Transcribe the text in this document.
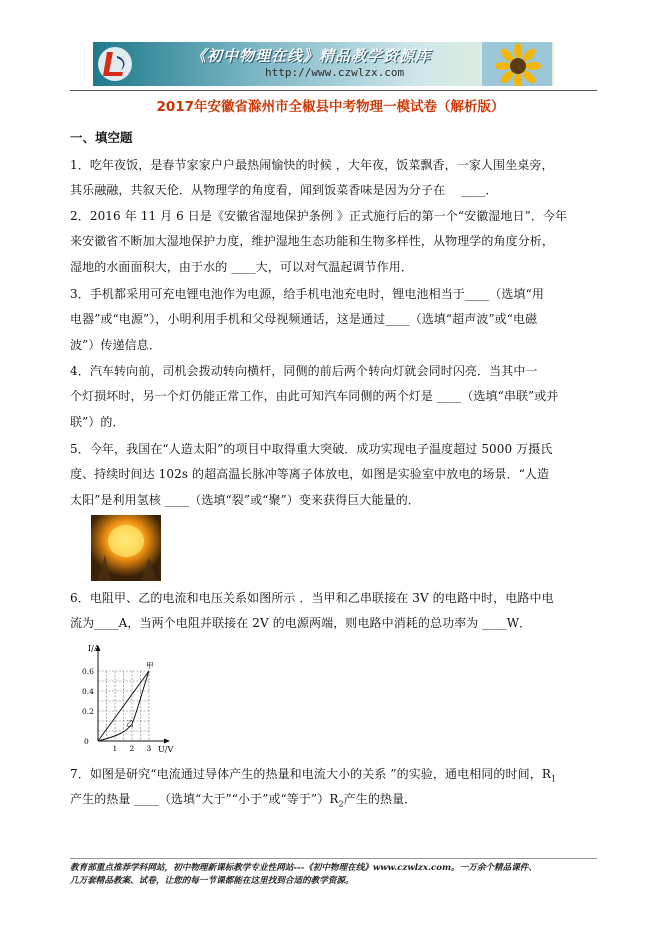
《初中物理在线》精品教学资源库
http://www.czwlzx.com
2017年安徽省滁州市全椒县中考物理一模试卷（解析版）
一、填空题
1．吃年夜饭，是春节家家户户最热闹愉快的时候 ，大年夜，饭菜飘香，一家人围坐桌旁，
其乐融融，共叙天伦．从物理学的角度看，闻到饭菜香味是因为分子在 　____．
2．2016 年 11 月 6 日是《安徽省湿地保护条例 》正式施行后的第一个“安徽湿地日”．今年
来安徽省不断加大湿地保护力度，维护湿地生态功能和生物多样性，从物理学的角度分析，
湿地的水面面积大，由于水的 ____大，可以对气温起调节作用．
3．手机都采用可充电锂电池作为电源，给手机电池充电时，锂电池相当于____（选填“用
电器”或“电源”），小明利用手机和父母视频通话，这是通过____（选填“超声波”或“电磁
波”）传递信息．
4．汽车转向前，司机会拨动转向横杆，同侧的前后两个转向灯就会同时闪亮．当其中一
个灯损坏时，另一个灯仍能正常工作，由此可知汽车同侧的两个灯是 ____（选填“串联”或并
联”）的．
5．今年，我国在“人造太阳”的项目中取得重大突破．成功实现电子温度超过 5000 万摄氏
度、持续时间达 102s 的超高温长脉冲等离子体放电，如图是实验室中放电的场景．“人造
太阳”是利用氢核 ____（选填“裂”或“聚”）变来获得巨大能量的．
6．电阻甲、乙的电流和电压关系如图所示 ．当甲和乙串联接在 3V 的电路中时，电路中电
流为____A，当两个电阻并联接在 2V 的电源两端，则电路中消耗的总功率为 ____W．
I/A
U/V
0.6
0.4
0.2
0
1 2 3
甲
乙
7．如图是研究“电流通过导体产生的热量和电流大小的关系 ”的实验，通电相同的时间，$R_1$
产生的热量 ____（选填“大于”“小于”或“等于$”)R_2$产生的热量．
教育部重点推荐学科网站，初中物理新课标教学专业性网站---《初中物理在线》www.czwlzx.com。一万余个精品课件、
几万套精品教案、试卷，让您的每一节课都能在这里找到合适的教学资源。
